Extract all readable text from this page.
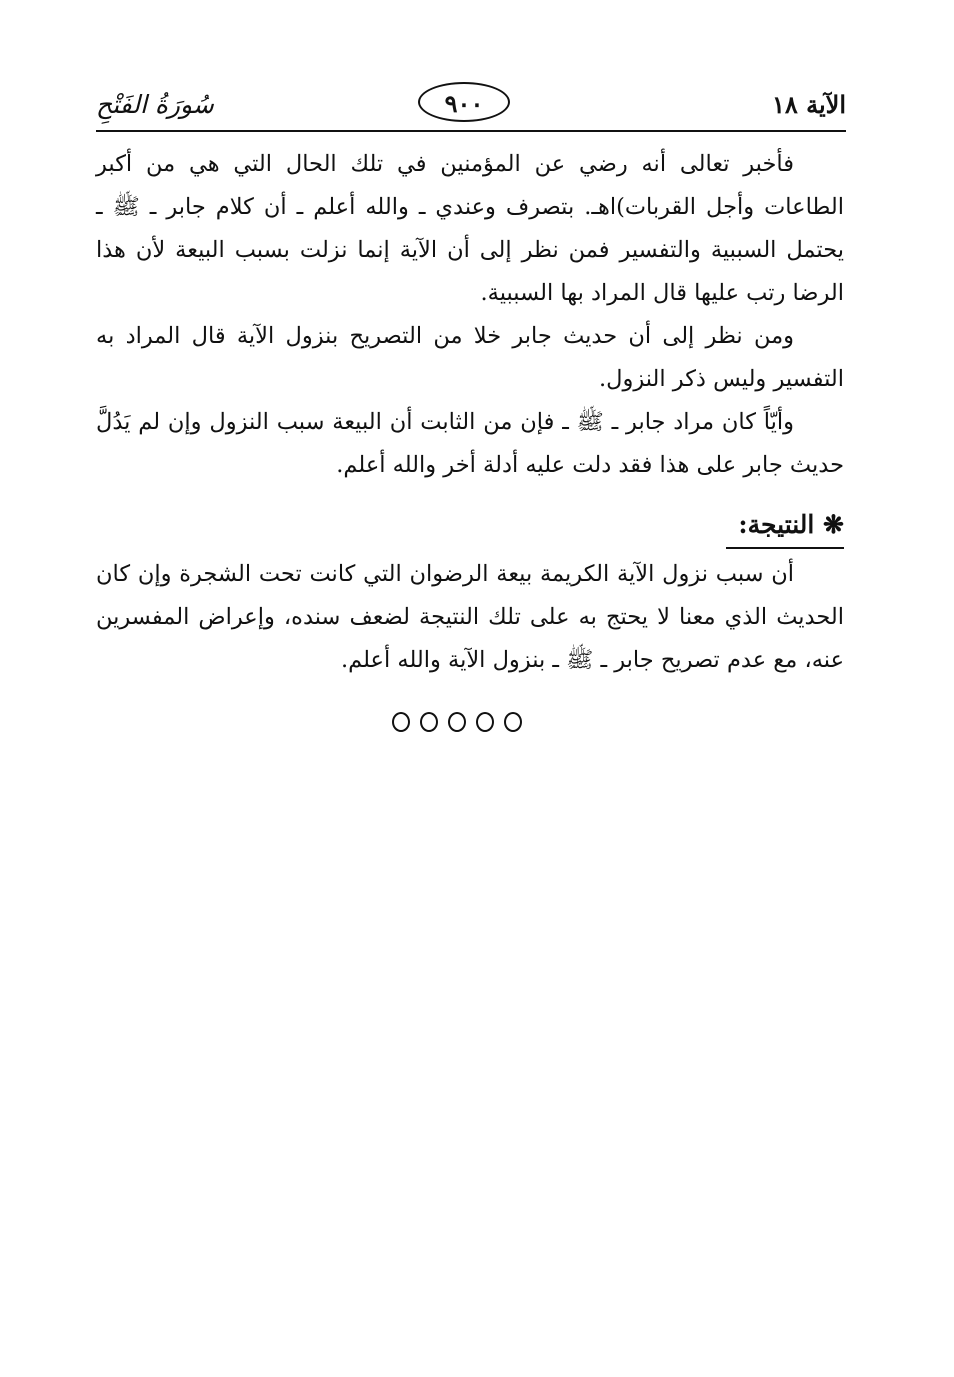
سُورَةُ الفَتْحِ	٩٠٠	الآية ١٨

فأخبر تعالى أنه رضي عن المؤمنين في تلك الحال التي هي من أكبر الطاعات وأجل القربات)اهـ. بتصرف وعندي ـ والله أعلم ـ أن كلام جابر ـ ﷺ ـ يحتمل السببية والتفسير فمن نظر إلى أن الآية إنما نزلت بسبب البيعة لأن هذا الرضا رتب عليها قال المراد بها السببية.

ومن نظر إلى أن حديث جابر خلا من التصريح بنزول الآية قال المراد به التفسير وليس ذكر النزول.

وأيّاً كان مراد جابر ـ ﷺ ـ فإن من الثابت أن البيعة سبب النزول وإن لم يَدُلَّ حديث جابر على هذا فقد دلت عليه أدلة أخر والله أعلم.

❋ النتيجة:

أن سبب نزول الآية الكريمة بيعة الرضوان التي كانت تحت الشجرة وإن كان الحديث الذي معنا لا يحتج به على تلك النتيجة لضعف سنده، وإعراض المفسرين عنه، مع عدم تصريح جابر ـ ﷺ ـ بنزول الآية والله أعلم.
